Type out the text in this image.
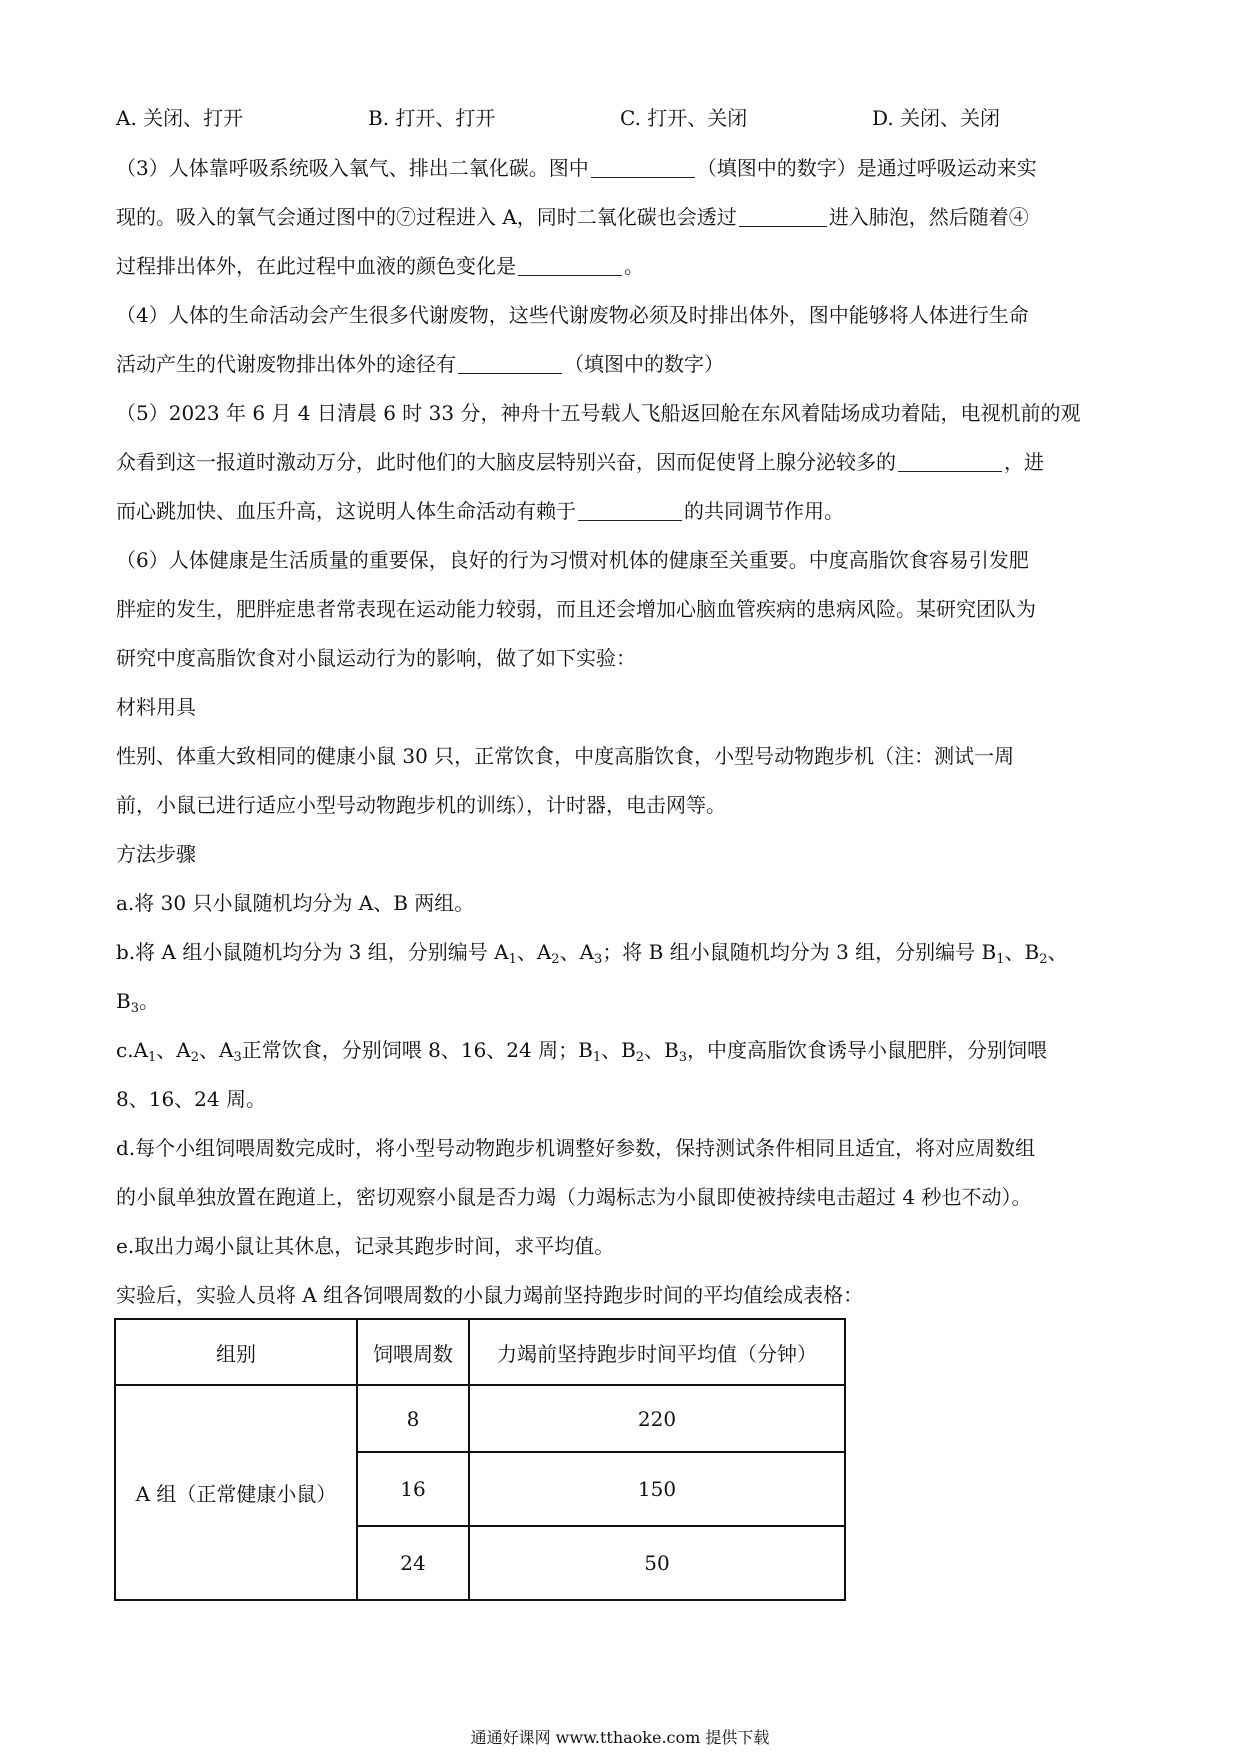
A. 关闭、打开	B. 打开、打开	C. 打开、关闭	D. 关闭、关闭
（3）人体靠呼吸系统吸入氧气、排出二氧化碳。图中	（填图中的数字）是通过呼吸运动来实
现的。吸入的氧气会通过图中的⑦过程进入 A，同时二氧化碳也会透过	进入肺泡，然后随着④
过程排出体外，在此过程中血液的颜色变化是	。
（4）人体的生命活动会产生很多代谢废物，这些代谢废物必须及时排出体外，图中能够将人体进行生命
活动产生的代谢废物排出体外的途径有	（填图中的数字）
（5）2023 年 6 月 4 日清晨 6 时 33 分，神舟十五号载人飞船返回舱在东风着陆场成功着陆，电视机前的观
众看到这一报道时激动万分，此时他们的大脑皮层特别兴奋，因而促使肾上腺分泌较多的	，进
而心跳加快、血压升高，这说明人体生命活动有赖于	的共同调节作用。
（6）人体健康是生活质量的重要保，良好的行为习惯对机体的健康至关重要。中度高脂饮食容易引发肥
胖症的发生，肥胖症患者常表现在运动能力较弱，而且还会增加心脑血管疾病的患病风险。某研究团队为
研究中度高脂饮食对小鼠运动行为的影响，做了如下实验：
材料用具
性别、体重大致相同的健康小鼠 30 只，正常饮食，中度高脂饮食，小型号动物跑步机（注：测试一周
前，小鼠已进行适应小型号动物跑步机的训练），计时器，电击网等。
方法步骤
a.将 30 只小鼠随机均分为 A、B 两组。
b.将 A 组小鼠随机均分为 3 组，分别编号 $A_1$、$A_2$、$A_3$；将 B 组小鼠随机均分为 3 组，分别编号 $B_1$、$B_2$、
$B_3$。
$c.A_1$、$A_2$、$A_3$正常饮食，分别饲喂 8、16、24 周；$B_1$、$B_2$、$B_3$，中度高脂饮食诱导小鼠肥胖，分别饲喂
8、16、24 周。
d.每个小组饲喂周数完成时，将小型号动物跑步机调整好参数，保持测试条件相同且适宜，将对应周数组
的小鼠单独放置在跑道上，密切观察小鼠是否力竭（力竭标志为小鼠即使被持续电击超过 4 秒也不动）。
e.取出力竭小鼠让其休息，记录其跑步时间，求平均值。
实验后，实验人员将 A 组各饲喂周数的小鼠力竭前坚持跑步时间的平均值绘成表格：
组别	饲喂周数	力竭前坚持跑步时间平均值（分钟）
A 组（正常健康小鼠）	8	220
	16	150
	24	50
通通好课网 www.tthaoke.com 提供下载
